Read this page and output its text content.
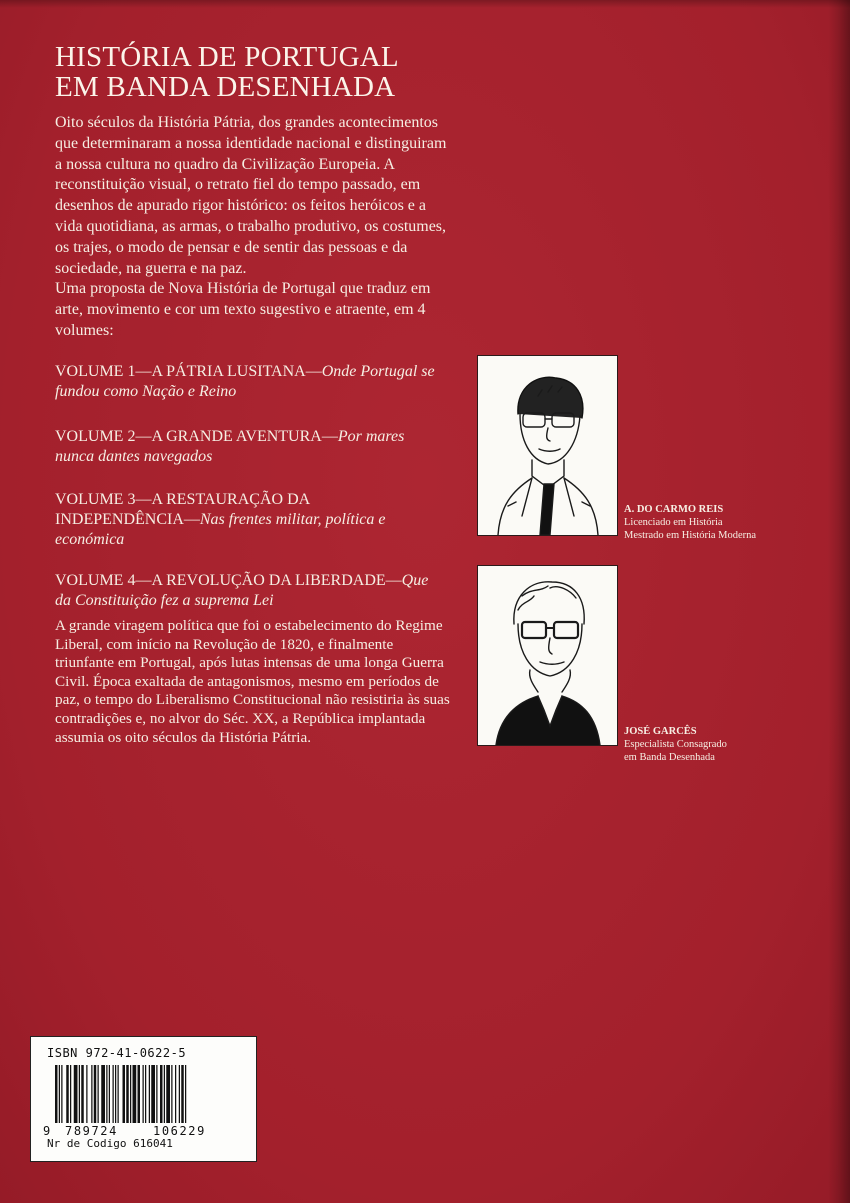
HISTÓRIA DE PORTUGAL
EM BANDA DESENHADA

Oito séculos da História Pátria, dos grandes acontecimentos que determinaram a nossa identidade nacional e distinguiram a nossa cultura no quadro da Civilização Europeia. A reconstituição visual, o retrato fiel do tempo passado, em desenhos de apurado rigor histórico: os feitos heróicos e a vida quotidiana, as armas, o trabalho produtivo, os costumes, os trajes, o modo de pensar e de sentir das pessoas e da sociedade, na guerra e na paz.

Uma proposta de Nova História de Portugal que traduz em arte, movimento e cor um texto sugestivo e atraente, em 4 volumes:

VOLUME 1—A PÁTRIA LUSITANA—Onde Portugal se fundou como Nação e Reino
VOLUME 2—A GRANDE AVENTURA—Por mares nunca dantes navegados
VOLUME 3—A RESTAURAÇÃO DA INDEPENDÊNCIA—Nas frentes militar, política e económica
VOLUME 4—A REVOLUÇÃO DA LIBERDADE—Que da Constituição fez a suprema Lei

A grande viragem política que foi o estabelecimento do Regime Liberal, com início na Revolução de 1820, e finalmente triunfante em Portugal, após lutas intensas de uma longa Guerra Civil. Época exaltada de antagonismos, mesmo em períodos de paz, o tempo do Liberalismo Constitucional não resistiria às suas contradições e, no alvor do Séc. XX, a República implantada assumia os oito séculos da História Pátria.

A. DO CARMO REIS
Licenciado em História
Mestrado em História Moderna
JOSÉ GARCÊS
Especialista Consagrado
em Banda Desenhada
ISBN 972-41-0622-5
9 789724	106229
Nr de Codigo 616041
